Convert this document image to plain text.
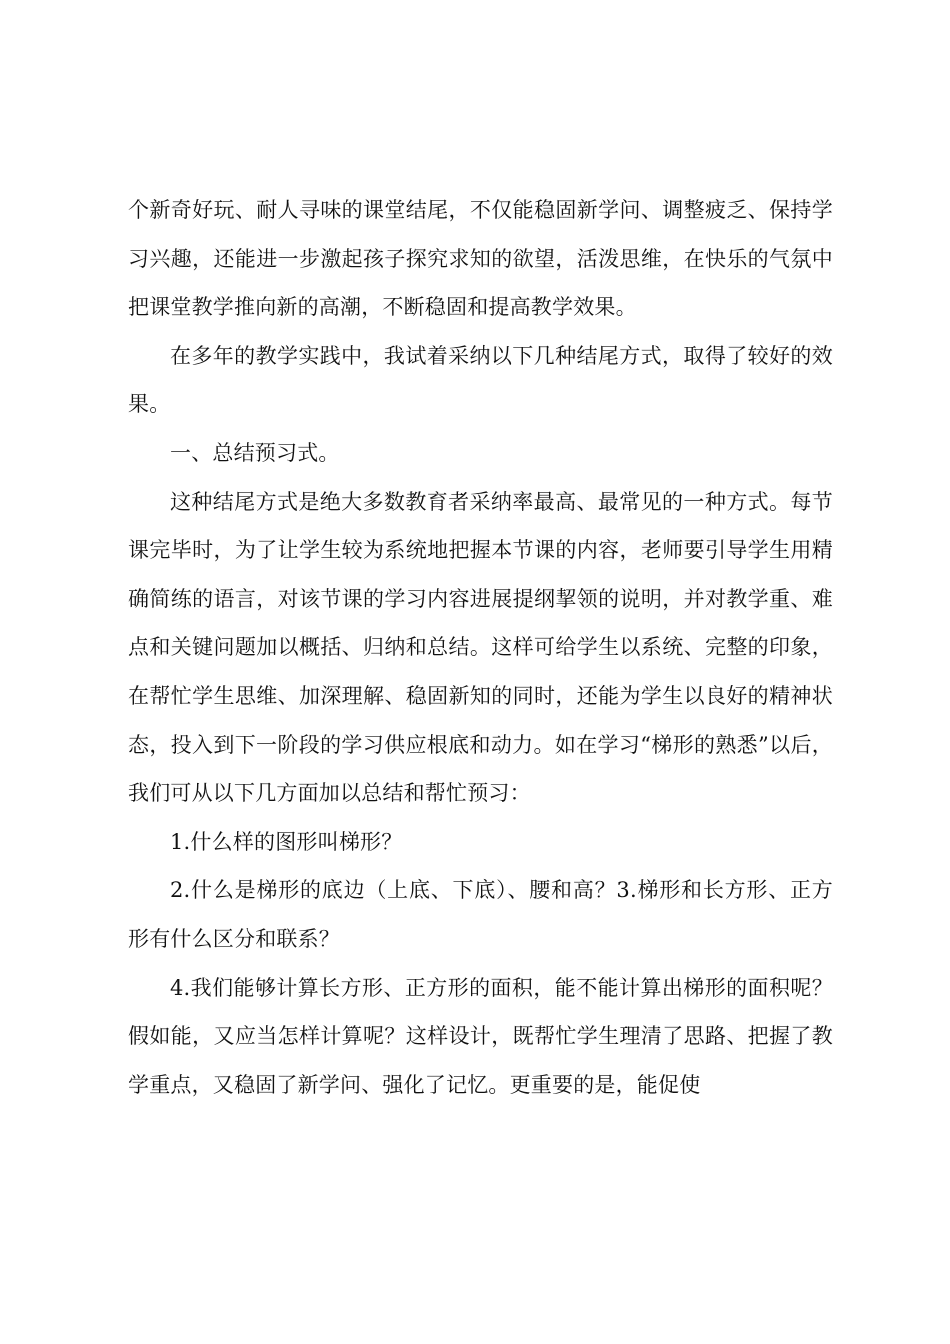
个新奇好玩、耐人寻味的课堂结尾，不仅能稳固新学问、调整疲乏、保持学习兴趣，还能进一步激起孩子探究求知的欲望，活泼思维，在快乐的气氛中把课堂教学推向新的高潮，不断稳固和提高教学效果。

在多年的教学实践中，我试着采纳以下几种结尾方式，取得了较好的效果。

一、总结预习式。

这种结尾方式是绝大多数教育者采纳率最高、最常见的一种方式。每节课完毕时，为了让学生较为系统地把握本节课的内容，老师要引导学生用精确简练的语言，对该节课的学习内容进展提纲挈领的说明，并对教学重、难点和关键问题加以概括、归纳和总结。这样可给学生以系统、完整的印象，在帮忙学生思维、加深理解、稳固新知的同时，还能为学生以良好的精神状态，投入到下一阶段的学习供应根底和动力。如在学习“梯形的熟悉”以后，我们可从以下几方面加以总结和帮忙预习：

1.什么样的图形叫梯形？

2.什么是梯形的底边（上底、下底）、腰和高？3.梯形和长方形、正方形有什么区分和联系？

4.我们能够计算长方形、正方形的面积，能不能计算出梯形的面积呢？假如能，又应当怎样计算呢？这样设计，既帮忙学生理清了思路、把握了教学重点，又稳固了新学问、强化了记忆。更重要的是，能促使
